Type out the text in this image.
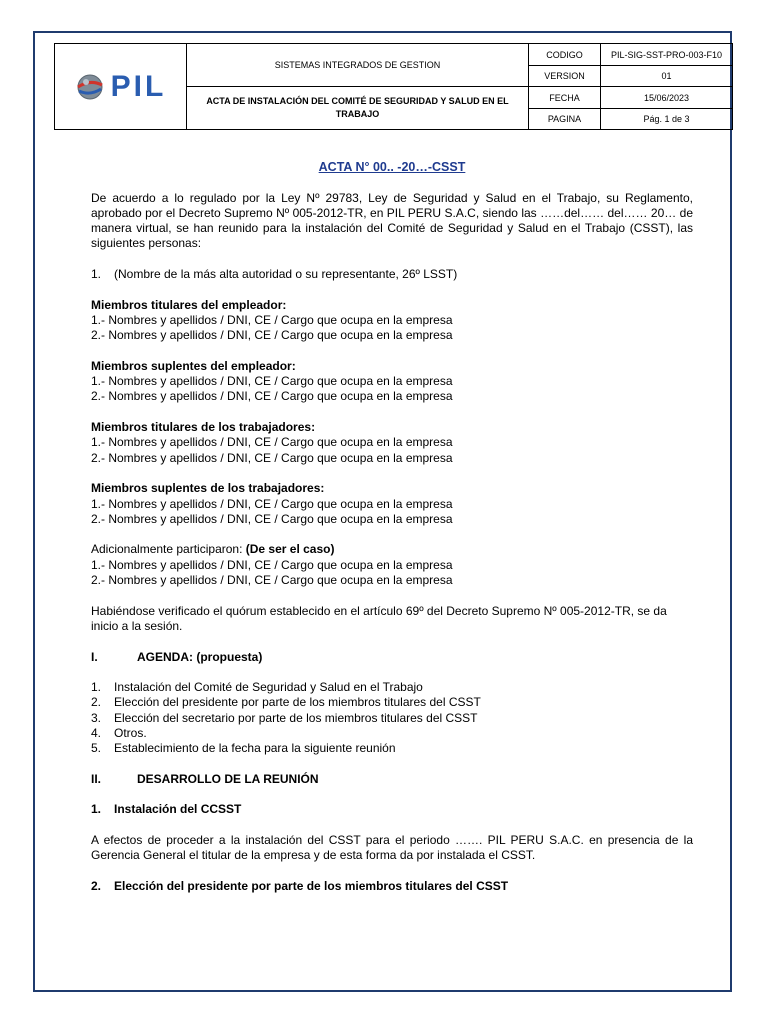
PIL	SISTEMAS INTEGRADOS DE GESTION	CODIGO	PIL-SIG-SST-PRO-003-F10
		VERSION	01
	ACTA DE INSTALACIÓN DEL COMITÉ DE SEGURIDAD Y SALUD EN EL TRABAJO	FECHA	15/06/2023
		PAGINA	Pág. 1 de 3

ACTA N° 00.. -20…-CSST

De acuerdo a lo regulado por la Ley Nº 29783, Ley de Seguridad y Salud en el Trabajo, su Reglamento, aprobado por el Decreto Supremo Nº 005-2012-TR, en PIL PERU S.A.C, siendo las ……del…… del…… 20… de manera virtual, se han reunido para la instalación del Comité de Seguridad y Salud en el Trabajo (CSST), las siguientes personas:

1.	(Nombre de la más alta autoridad o su representante, 26º LSST)

Miembros titulares del empleador:

1.- Nombres y apellidos / DNI, CE / Cargo que ocupa en la empresa

2.- Nombres y apellidos / DNI, CE / Cargo que ocupa en la empresa

Miembros suplentes del empleador:

1.- Nombres y apellidos / DNI, CE / Cargo que ocupa en la empresa

2.- Nombres y apellidos / DNI, CE / Cargo que ocupa en la empresa

Miembros titulares de los trabajadores:

1.- Nombres y apellidos / DNI, CE / Cargo que ocupa en la empresa

2.- Nombres y apellidos / DNI, CE / Cargo que ocupa en la empresa

Miembros suplentes de los trabajadores:

1.- Nombres y apellidos / DNI, CE / Cargo que ocupa en la empresa

2.- Nombres y apellidos / DNI, CE / Cargo que ocupa en la empresa

Adicionalmente participaron: (De ser el caso)

1.- Nombres y apellidos / DNI, CE / Cargo que ocupa en la empresa

2.- Nombres y apellidos / DNI, CE / Cargo que ocupa en la empresa

Habiéndose verificado el quórum establecido en el artículo 69º del Decreto Supremo Nº 005-2012-TR, se da inicio a la sesión.

I.	AGENDA: (propuesta)
1.	Instalación del Comité de Seguridad y Salud en el Trabajo
2.	Elección del presidente por parte de los miembros titulares del CSST
3.	Elección del secretario por parte de los miembros titulares del CSST
4.	Otros.
5.	Establecimiento de la fecha para la siguiente reunión
II.	DESARROLLO DE LA REUNIÓN
1.	Instalación del CCSST

A efectos de proceder a la instalación del CSST para el periodo ……. PIL PERU S.A.C. en presencia de la Gerencia General el titular de la empresa y de esta forma da por instalada el CSST.

2.	Elección del presidente por parte de los miembros titulares del CSST
